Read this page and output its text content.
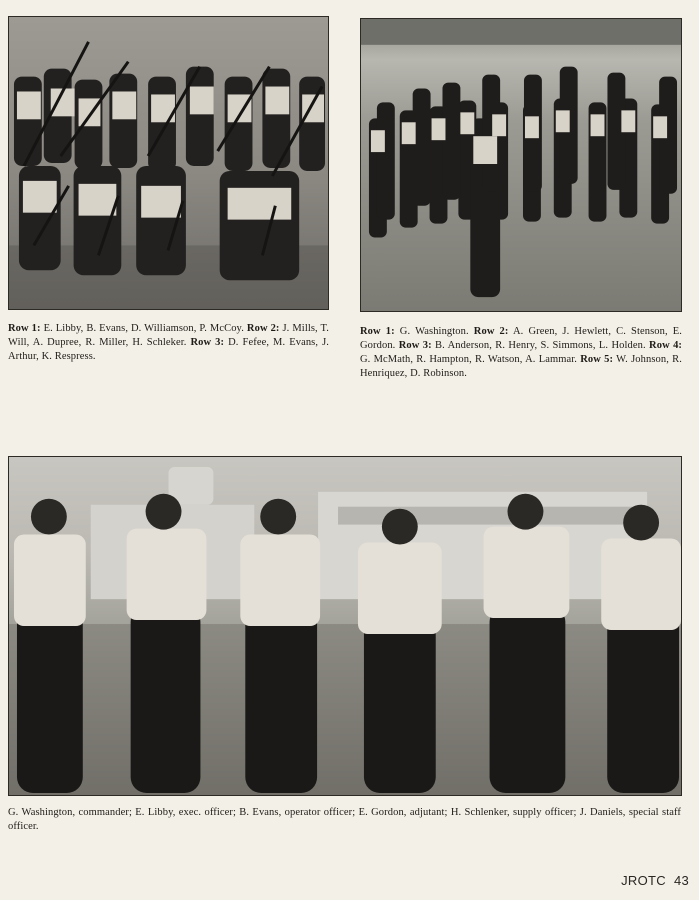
Row 1: E. Libby, B. Evans, D. Williamson, P. McCoy. Row 2: J. Mills, T. Will, A. Dupree, R. Miller, H. Schleker. Row 3: D. Fefee, M. Evans, J. Arthur, K. Respress.
Row 1: G. Washington. Row 2: A. Green, J. Hewlett, C. Stenson, E. Gordon. Row 3: B. Anderson, R. Henry, S. Simmons, L. Holden. Row 4: G. McMath, R. Hampton, R. Watson, A. Lammar. Row 5: W. Johnson, R. Henriquez, D. Robinson.
G. Washington, commander; E. Libby, exec. officer; B. Evans, operator officer; E. Gordon, adjutant; H. Schlenker, supply officer; J. Daniels, special staff officer.
JROTC 43
